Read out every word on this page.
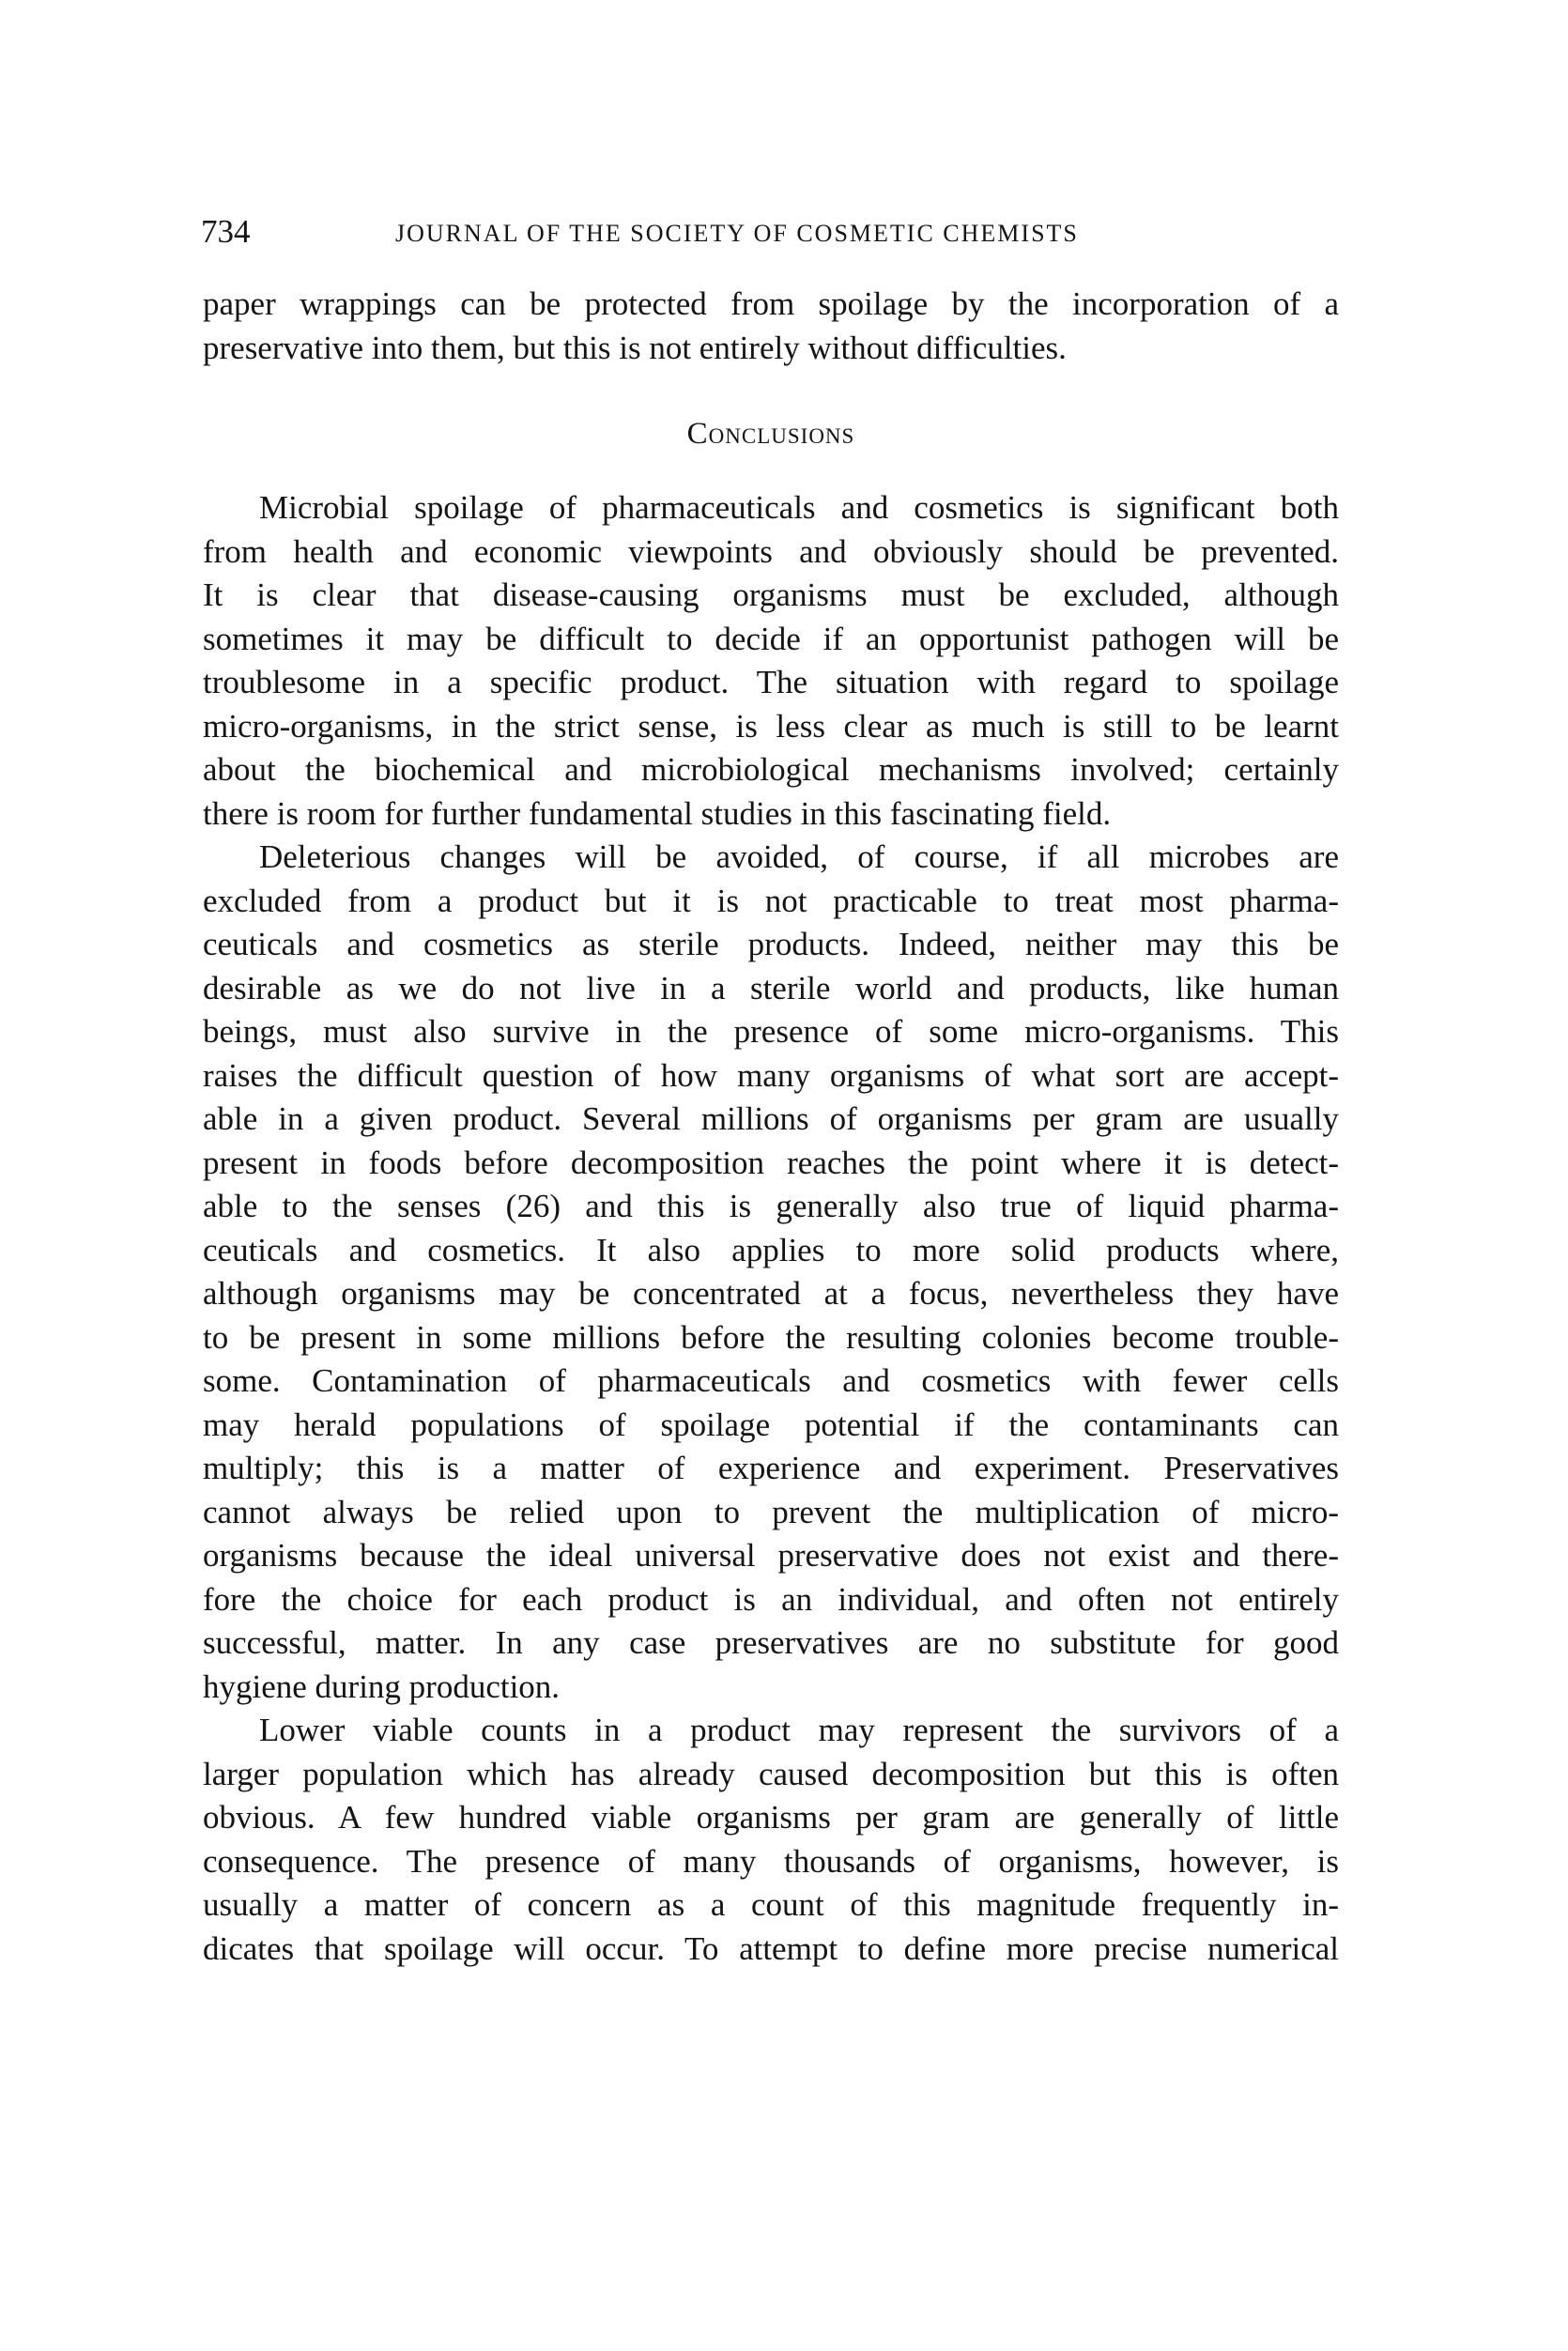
734	JOURNAL OF THE SOCIETY OF COSMETIC CHEMISTS
paper wrappings can be protected from spoilage by the incorporation of a
preservative into them, but this is not entirely without difficulties.
Conclusions
Microbial spoilage of pharmaceuticals and cosmetics is significant both
from health and economic viewpoints and obviously should be prevented.
It is clear that disease-causing organisms must be excluded, although
sometimes it may be difficult to decide if an opportunist pathogen will be
troublesome in a specific product. The situation with regard to spoilage
micro-organisms, in the strict sense, is less clear as much is still to be learnt
about the biochemical and microbiological mechanisms involved; certainly
there is room for further fundamental studies in this fascinating field.
Deleterious changes will be avoided, of course, if all microbes are
excluded from a product but it is not practicable to treat most pharma-
ceuticals and cosmetics as sterile products. Indeed, neither may this be
desirable as we do not live in a sterile world and products, like human
beings, must also survive in the presence of some micro-organisms. This
raises the difficult question of how many organisms of what sort are accept-
able in a given product. Several millions of organisms per gram are usually
present in foods before decomposition reaches the point where it is detect-
able to the senses (26) and this is generally also true of liquid pharma-
ceuticals and cosmetics. It also applies to more solid products where,
although organisms may be concentrated at a focus, nevertheless they have
to be present in some millions before the resulting colonies become trouble-
some. Contamination of pharmaceuticals and cosmetics with fewer cells
may herald populations of spoilage potential if the contaminants can
multiply; this is a matter of experience and experiment. Preservatives
cannot always be relied upon to prevent the multiplication of micro-
organisms because the ideal universal preservative does not exist and there-
fore the choice for each product is an individual, and often not entirely
successful, matter. In any case preservatives are no substitute for good
hygiene during production.
Lower viable counts in a product may represent the survivors of a
larger population which has already caused decomposition but this is often
obvious. A few hundred viable organisms per gram are generally of little
consequence. The presence of many thousands of organisms, however, is
usually a matter of concern as a count of this magnitude frequently in-
dicates that spoilage will occur. To attempt to define more precise numerical
